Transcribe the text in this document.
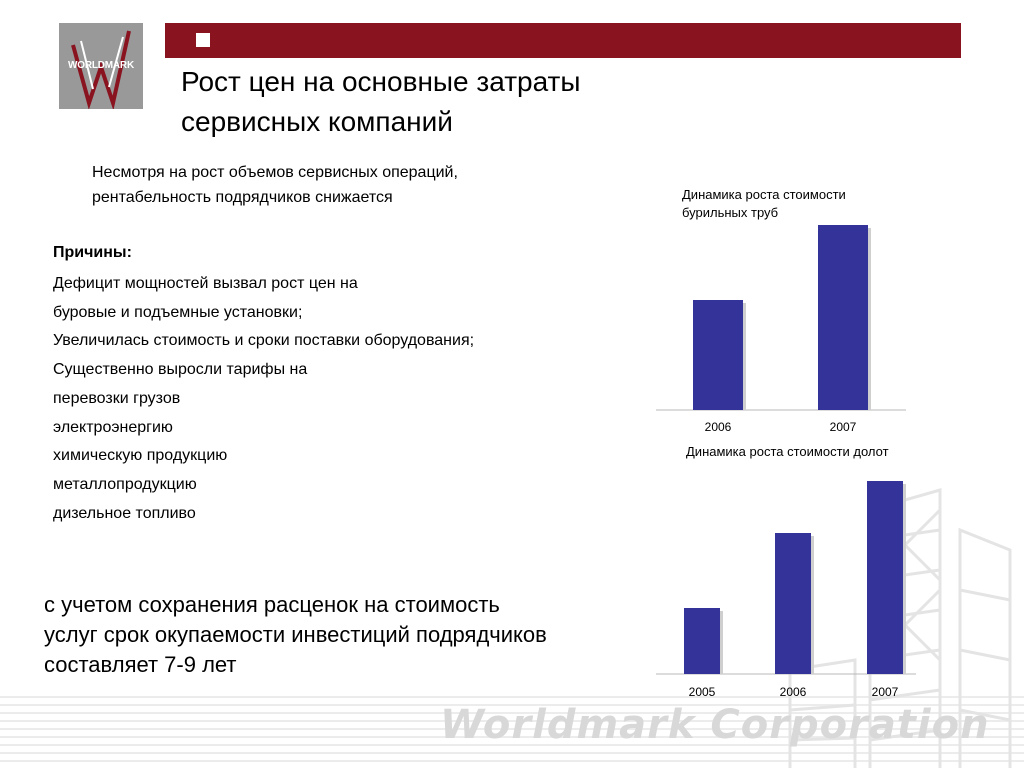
Worldmark Corporation
WORLDMARK
Рост цен на основные затраты
сервисных компаний
Несмотря на рост объемов сервисных операций,
рентабельность подрядчиков снижается
Причины:
Дефицит мощностей вызвал рост цен на
буровые и подъемные установки;
Увеличилась стоимость и сроки поставки оборудования;
Существенно выросли тарифы на
перевозки грузов
электроэнергию
химическую продукцию
металлопродукцию
дизельное топливо
с учетом сохранения расценок на стоимость
услуг срок окупаемости инвестиций подрядчиков
составляет 7-9 лет
Динамика роста стоимости
бурильных труб
2006	2007
Динамика роста стоимости долот
2005	2006	2007
